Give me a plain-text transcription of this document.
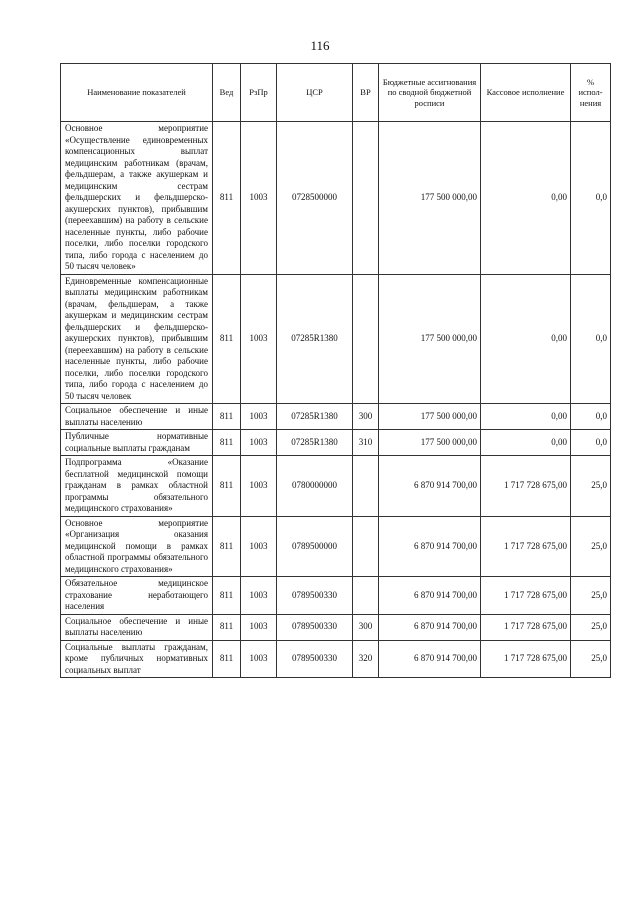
116
Наименование показателей	Вед	РзПр	ЦСР	ВР	Бюджетные ассигнования по сводной бюджетной росписи	Кассовое исполнение	% испол-нения
Основное мероприятие «Осуществление единовременных компенсационных выплат медицинским работникам (врачам, фельдшерам, а также акушеркам и медицинским сестрам фельдшерских и фельдшерско-акушерских пунктов), прибывшим (переехавшим) на работу в сельские населенные пункты, либо рабочие поселки, либо поселки городского типа, либо города с населением до 50 тысяч человек»	811	1003	0728500000		177 500 000,00	0,00	0,0
Единовременные компенсационные выплаты медицинским работникам (врачам, фельдшерам, а также акушеркам и медицинским сестрам фельдшерских и фельдшерско-акушерских пунктов), прибывшим (переехавшим) на работу в сельские населенные пункты, либо рабочие поселки, либо поселки городского типа, либо города с населением до 50 тысяч человек	811	1003	07285R1380		177 500 000,00	0,00	0,0
Социальное обеспечение и иные выплаты населению	811	1003	07285R1380	300	177 500 000,00	0,00	0,0
Публичные нормативные социальные выплаты гражданам	811	1003	07285R1380	310	177 500 000,00	0,00	0,0
Подпрограмма «Оказание бесплатной медицинской помощи гражданам в рамках областной программы обязательного медицинского страхования»	811	1003	0780000000		6 870 914 700,00	1 717 728 675,00	25,0
Основное мероприятие «Организация оказания медицинской помощи в рамках областной программы обязательного медицинского страхования»	811	1003	0789500000		6 870 914 700,00	1 717 728 675,00	25,0
Обязательное медицинское страхование неработающего населения	811	1003	0789500330		6 870 914 700,00	1 717 728 675,00	25,0
Социальное обеспечение и иные выплаты населению	811	1003	0789500330	300	6 870 914 700,00	1 717 728 675,00	25,0
Социальные выплаты гражданам, кроме публичных нормативных социальных выплат	811	1003	0789500330	320	6 870 914 700,00	1 717 728 675,00	25,0
